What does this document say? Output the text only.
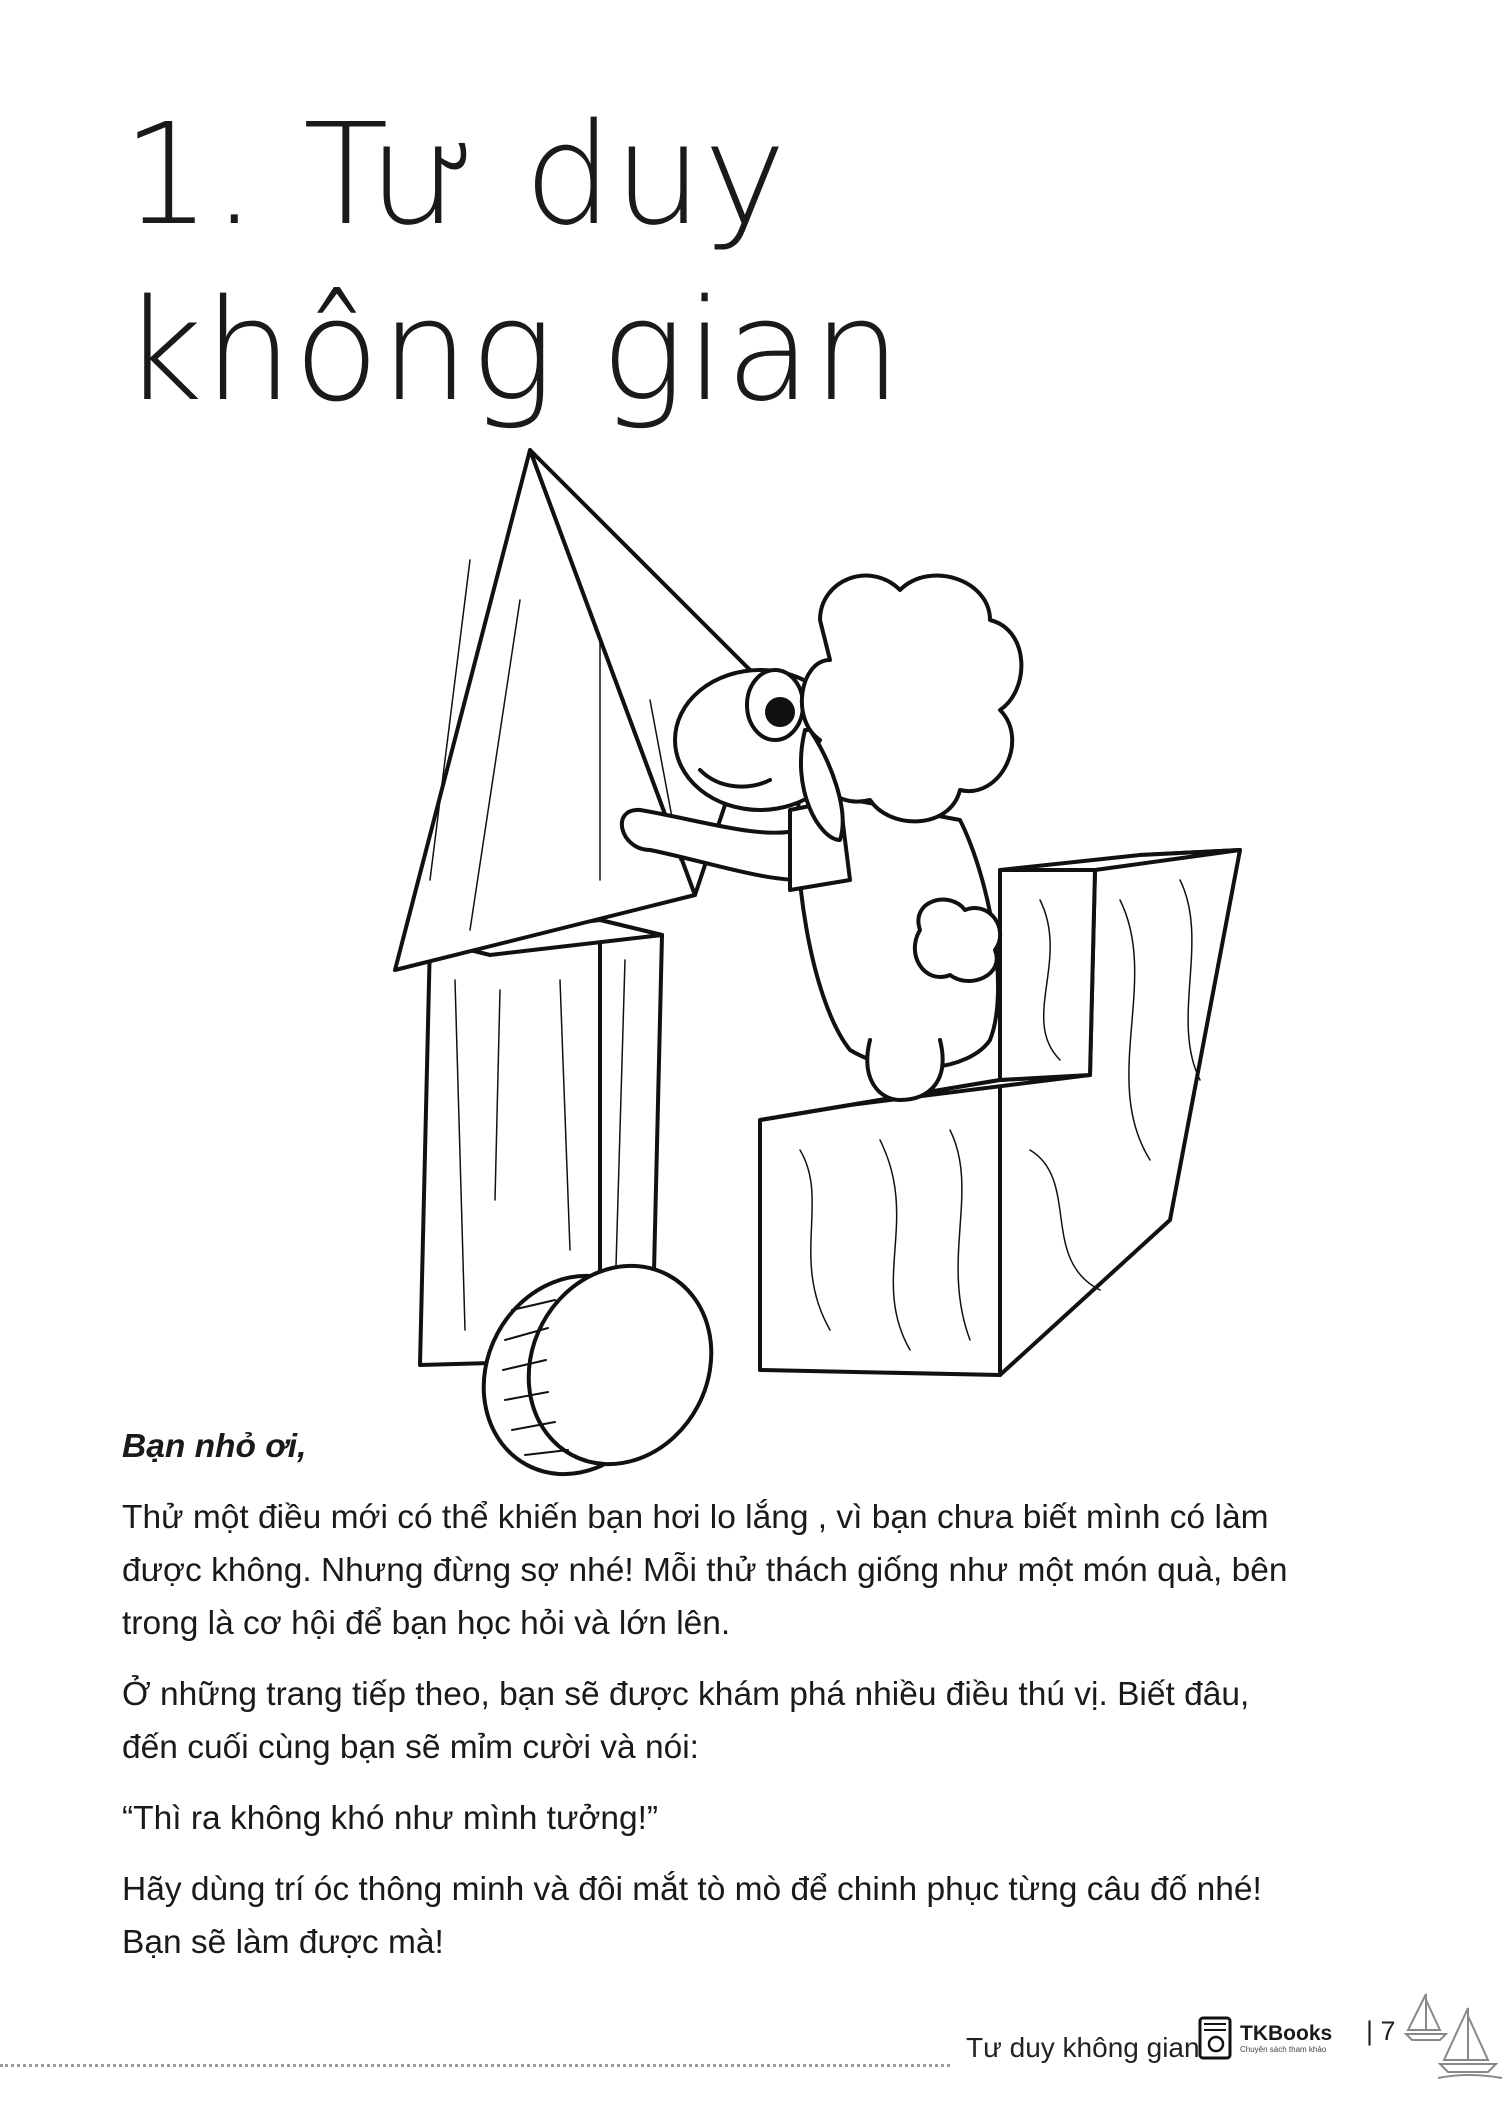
1. Tư duy
không gian

Bạn nhỏ ơi,

Thử một điều mới có thể khiến bạn hơi lo lắng , vì bạn chưa biết mình có làm
được không. Nhưng đừng sợ nhé! Mỗi thử thách giống như một món quà, bên
trong là cơ hội để bạn học hỏi và lớn lên.

Ở những trang tiếp theo, bạn sẽ được khám phá nhiều điều thú vị. Biết đâu,
đến cuối cùng bạn sẽ mỉm cười và nói:

“Thì ra không khó như mình tưởng!”

Hãy dùng trí óc thông minh và đôi mắt tò mò để chinh phục từng câu đố nhé!
Bạn sẽ làm được mà!

Tư duy không gian TKBooks
Chuyên sách tham khảo
| 7
